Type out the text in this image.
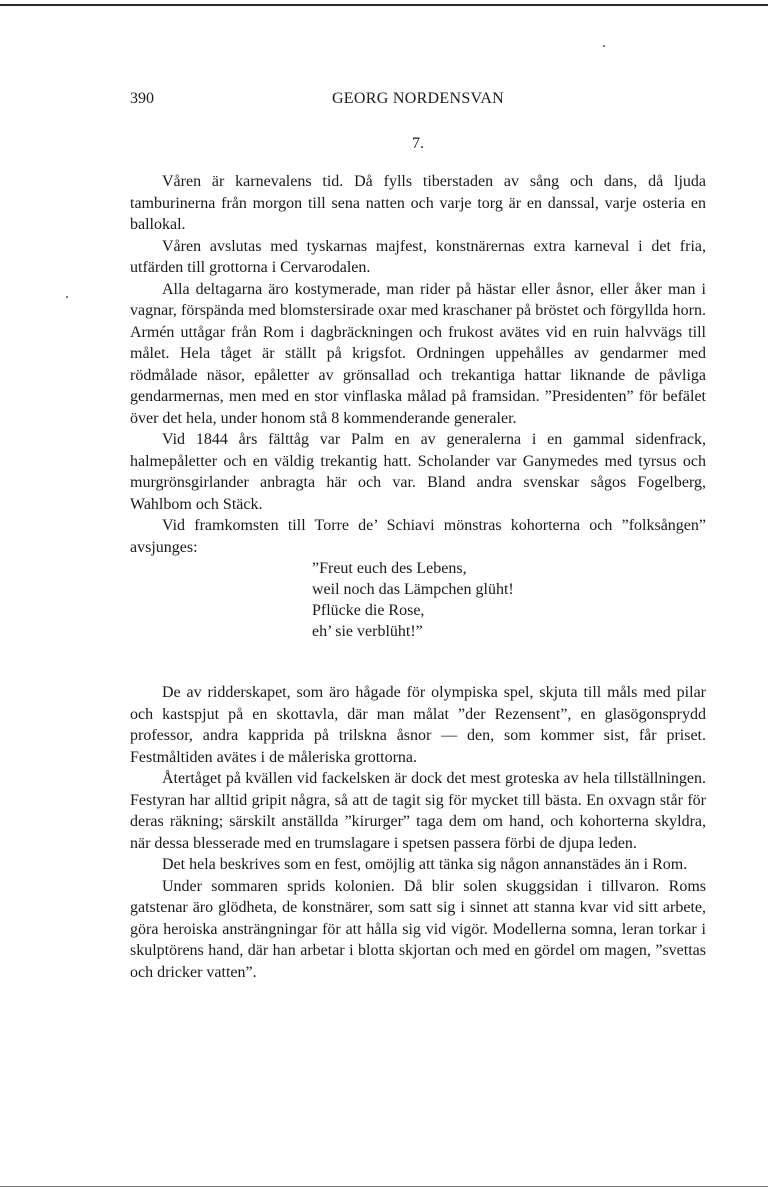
390	GEORG NORDENSVAN
7.

Våren är karnevalens tid. Då fylls tiberstaden av sång och dans, då ljuda tamburinerna från morgon till sena natten och varje torg är en danssal, varje osteria en ballokal.

Våren avslutas med tyskarnas majfest, konstnärernas extra karneval i det fria, utfärden till grottorna i Cervarodalen.

Alla deltagarna äro kostymerade, man rider på hästar eller åsnor, eller åker man i vagnar, förspända med blomstersirade oxar med kraschaner på bröstet och förgyllda horn. Armén uttågar från Rom i dagbräckningen och frukost avätes vid en ruin halvvägs till målet. Hela tåget är ställt på krigsfot. Ordningen uppehålles av gendarmer med rödmålade näsor, epåletter av grönsallad och trekantiga hattar liknande de påvliga gendarmernas, men med en stor vinflaska målad på framsidan. ”Presidenten” för befälet över det hela, under honom stå 8 kommenderande generaler.

Vid 1844 års fälttåg var Palm en av generalerna i en gammal sidenfrack, halmepåletter och en väldig trekantig hatt. Scholander var Ganymedes med tyrsus och murgrönsgirlander anbragta här och var. Bland andra svenskar sågos Fogelberg, Wahlbom och Stäck.

Vid framkomsten till Torre de’ Schiavi mönstras kohorterna och ”folksången” avsjunges:

”Freut euch des Lebens,
weil noch das Lämpchen glüht!
Pflücke die Rose,
eh’ sie verblüht!”

De av ridderskapet, som äro hågade för olympiska spel, skjuta till måls med pilar och kastspjut på en skottavla, där man målat ”der Rezensent”, en glasögonsprydd professor, andra kapprida på trilskna åsnor — den, som kommer sist, får priset. Festmåltiden avätes i de måleriska grottorna.

Återtåget på kvällen vid fackelsken är dock det mest groteska av hela tillställningen. Festyran har alltid gripit några, så att de tagit sig för mycket till bästa. En oxvagn står för deras räkning; särskilt anställda ”kirurger” taga dem om hand, och kohorterna skyldra, när dessa blesserade med en trumslagare i spetsen passera förbi de djupa leden.

Det hela beskrives som en fest, omöjlig att tänka sig någon annanstädes än i Rom.

Under sommaren sprids kolonien. Då blir solen skuggsidan i tillvaron. Roms gatstenar äro glödheta, de konstnärer, som satt sig i sinnet att stanna kvar vid sitt arbete, göra heroiska ansträngningar för att hålla sig vid vigör. Modellerna somna, leran torkar i skulptörens hand, där han arbetar i blotta skjortan och med en gördel om magen, ”svettas och dricker vatten”.
